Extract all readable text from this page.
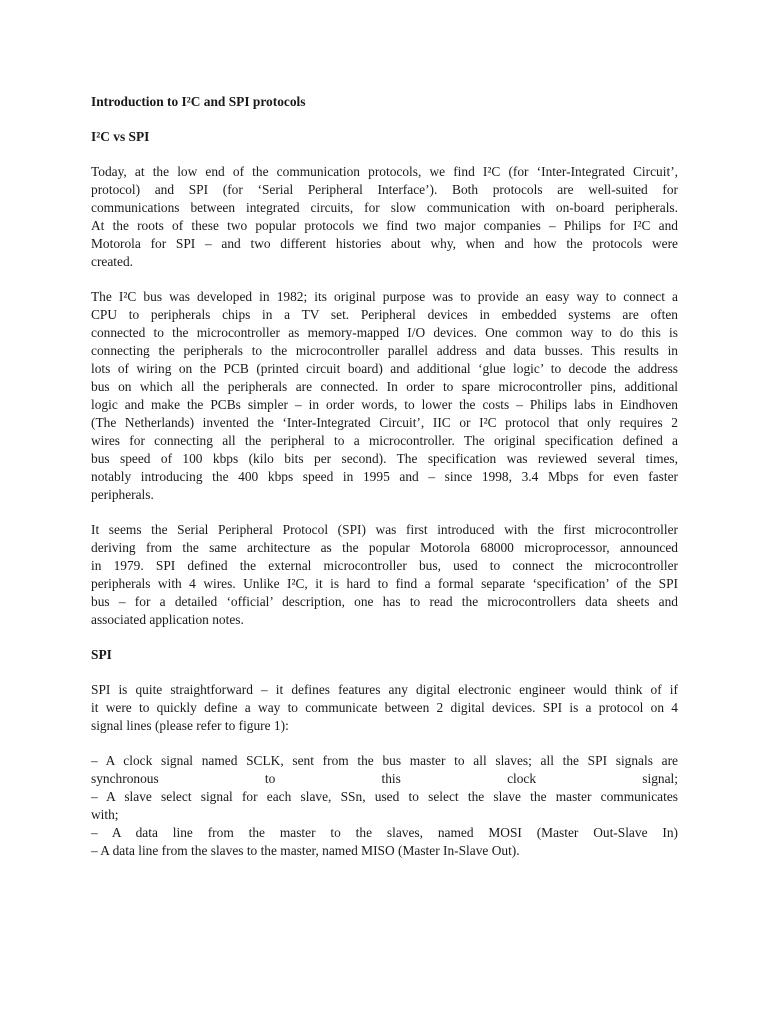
Introduction to I²C and SPI protocols

I²C vs SPI

Today, at the low end of the communication protocols, we find I²C (for ‘Inter-Integrated Circuit’,
protocol) and SPI (for ‘Serial Peripheral Interface’). Both protocols are well-suited for
communications between integrated circuits, for slow communication with on-board peripherals.
At the roots of these two popular protocols we find two major companies – Philips for I²C and
Motorola for SPI – and two different histories about why, when and how the protocols were
created.

The I²C bus was developed in 1982; its original purpose was to provide an easy way to connect a
CPU to peripherals chips in a TV set. Peripheral devices in embedded systems are often
connected to the microcontroller as memory-mapped I/O devices. One common way to do this is
connecting the peripherals to the microcontroller parallel address and data busses. This results in
lots of wiring on the PCB (printed circuit board) and additional ‘glue logic’ to decode the address
bus on which all the peripherals are connected. In order to spare microcontroller pins, additional
logic and make the PCBs simpler – in order words, to lower the costs – Philips labs in Eindhoven
(The Netherlands) invented the ‘Inter-Integrated Circuit’, IIC or I²C protocol that only requires 2
wires for connecting all the peripheral to a microcontroller. The original specification defined a
bus speed of 100 kbps (kilo bits per second). The specification was reviewed several times,
notably introducing the 400 kbps speed in 1995 and – since 1998, 3.4 Mbps for even faster
peripherals.

It seems the Serial Peripheral Protocol (SPI) was first introduced with the first microcontroller
deriving from the same architecture as the popular Motorola 68000 microprocessor, announced
in 1979. SPI defined the external microcontroller bus, used to connect the microcontroller
peripherals with 4 wires. Unlike I²C, it is hard to find a formal separate ‘specification’ of the SPI
bus – for a detailed ‘official’ description, one has to read the microcontrollers data sheets and
associated application notes.

SPI

SPI is quite straightforward – it defines features any digital electronic engineer would think of if
it were to quickly define a way to communicate between 2 digital devices. SPI is a protocol on 4
signal lines (please refer to figure 1):

– A clock signal named SCLK, sent from the bus master to all slaves; all the SPI signals are
synchronous to this clock signal;
– A slave select signal for each slave, SSn, used to select the slave the master communicates
with;
– A data line from the master to the slaves, named MOSI (Master Out-Slave In)
– A data line from the slaves to the master, named MISO (Master In-Slave Out).
